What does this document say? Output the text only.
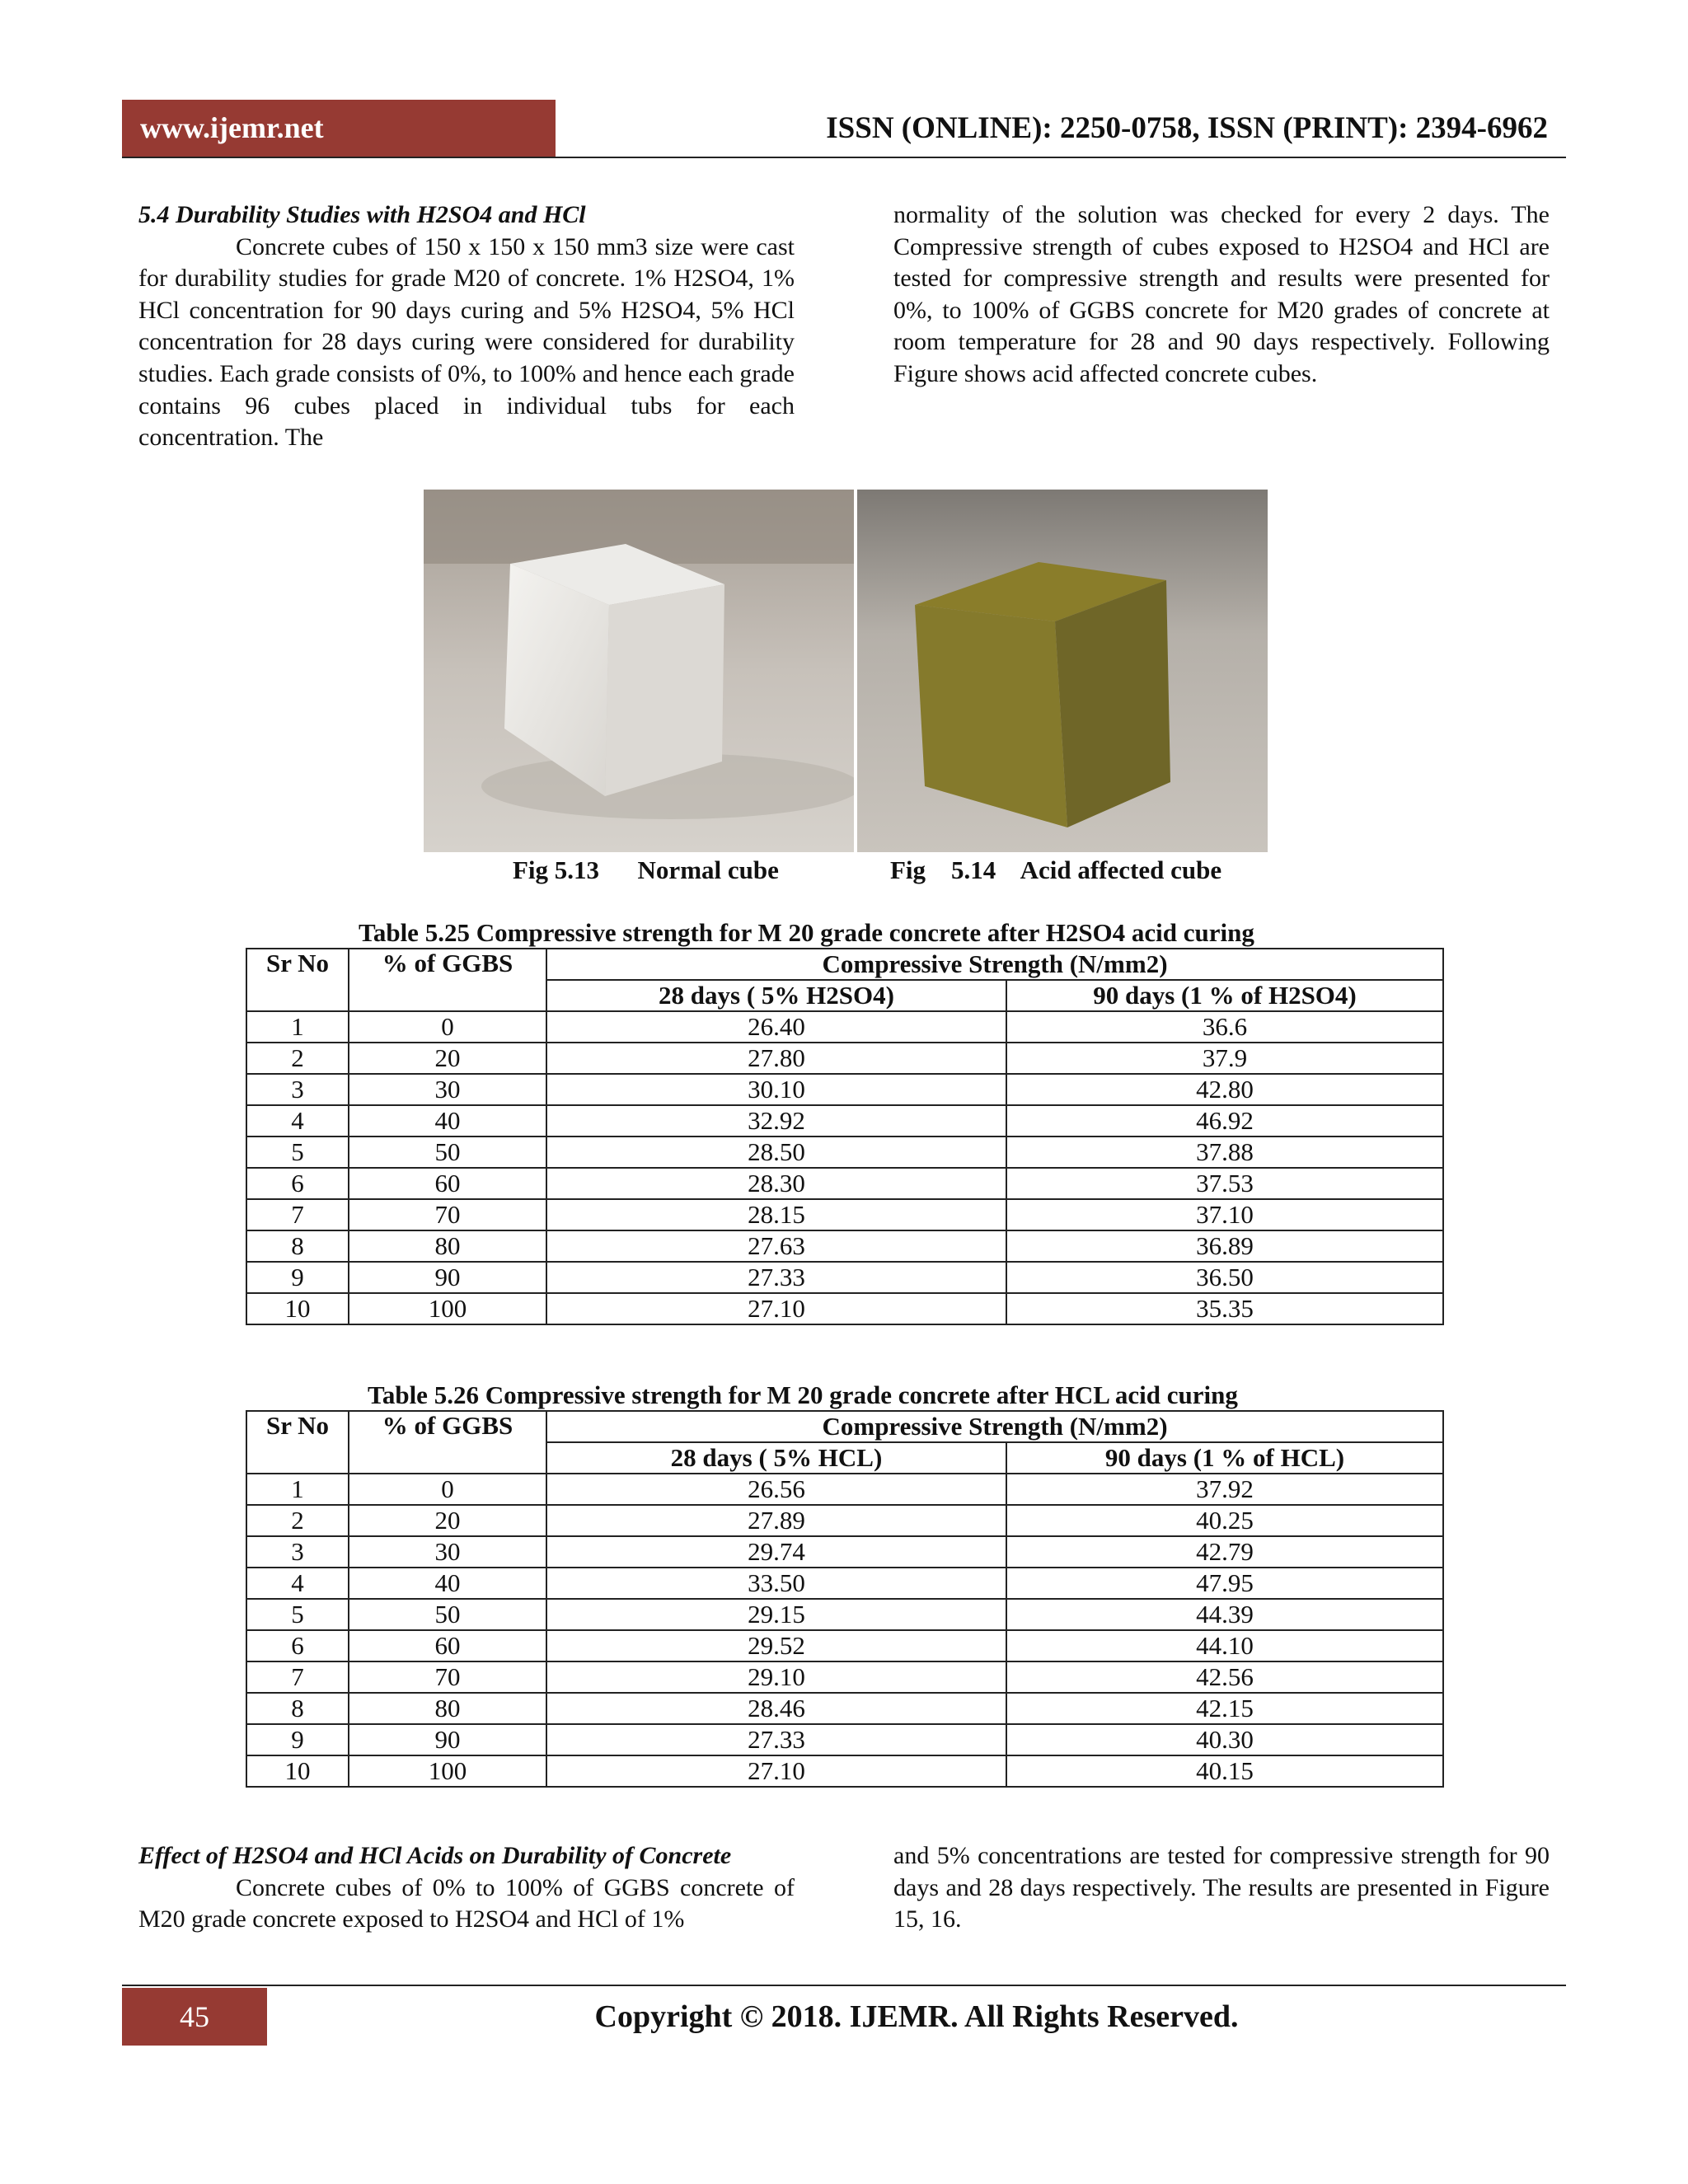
www.ijemr.net	ISSN (ONLINE): 2250-0758, ISSN (PRINT): 2394-6962

5.4 Durability Studies with H2SO4 and HCl

Concrete cubes of 150 x 150 x 150 mm3 size were cast for durability studies for grade M20 of concrete. 1% H2SO4, 1% HCl concentration for 90 days curing and 5% H2SO4, 5% HCl concentration for 28 days curing were considered for durability studies. Each grade consists of 0%, to 100% and hence each grade contains 96 cubes placed in individual tubs for each concentration. The

normality of the solution was checked for every 2 days. The Compressive strength of cubes exposed to H2SO4 and HCl are tested for compressive strength and results were presented for 0%, to 100% of GGBS concrete for M20 grades of concrete at room temperature for 28 and 90 days respectively. Following Figure shows acid affected concrete cubes.

Fig 5.13      Normal cube	Fig    5.14    Acid affected cube
Table 5.25 Compressive strength for M 20 grade concrete after H2SO4 acid curing
Sr No	% of GGBS	Compressive Strength (N/mm2)	
		28 days ( 5% H2SO4)	90 days (1 % of H2SO4)
1	0	26.40	36.6
2	20	27.80	37.9
3	30	30.10	42.80
4	40	32.92	46.92
5	50	28.50	37.88
6	60	28.30	37.53
7	70	28.15	37.10
8	80	27.63	36.89
9	90	27.33	36.50
10	100	27.10	35.35
Table 5.26 Compressive strength for M 20 grade concrete after HCL acid curing
Sr No	% of GGBS	Compressive Strength (N/mm2)	
		28 days ( 5% HCL)	90 days (1 % of HCL)
1	0	26.56	37.92
2	20	27.89	40.25
3	30	29.74	42.79
4	40	33.50	47.95
5	50	29.15	44.39
6	60	29.52	44.10
7	70	29.10	42.56
8	80	28.46	42.15
9	90	27.33	40.30
10	100	27.10	40.15

Effect of H2SO4 and HCl Acids on Durability of Concrete

Concrete cubes of 0% to 100% of GGBS concrete of M20 grade concrete exposed to H2SO4 and HCl of 1%

and 5% concentrations are tested for compressive strength for 90 days and 28 days respectively. The results are presented in Figure 15, 16.

45	Copyright © 2018. IJEMR. All Rights Reserved.
